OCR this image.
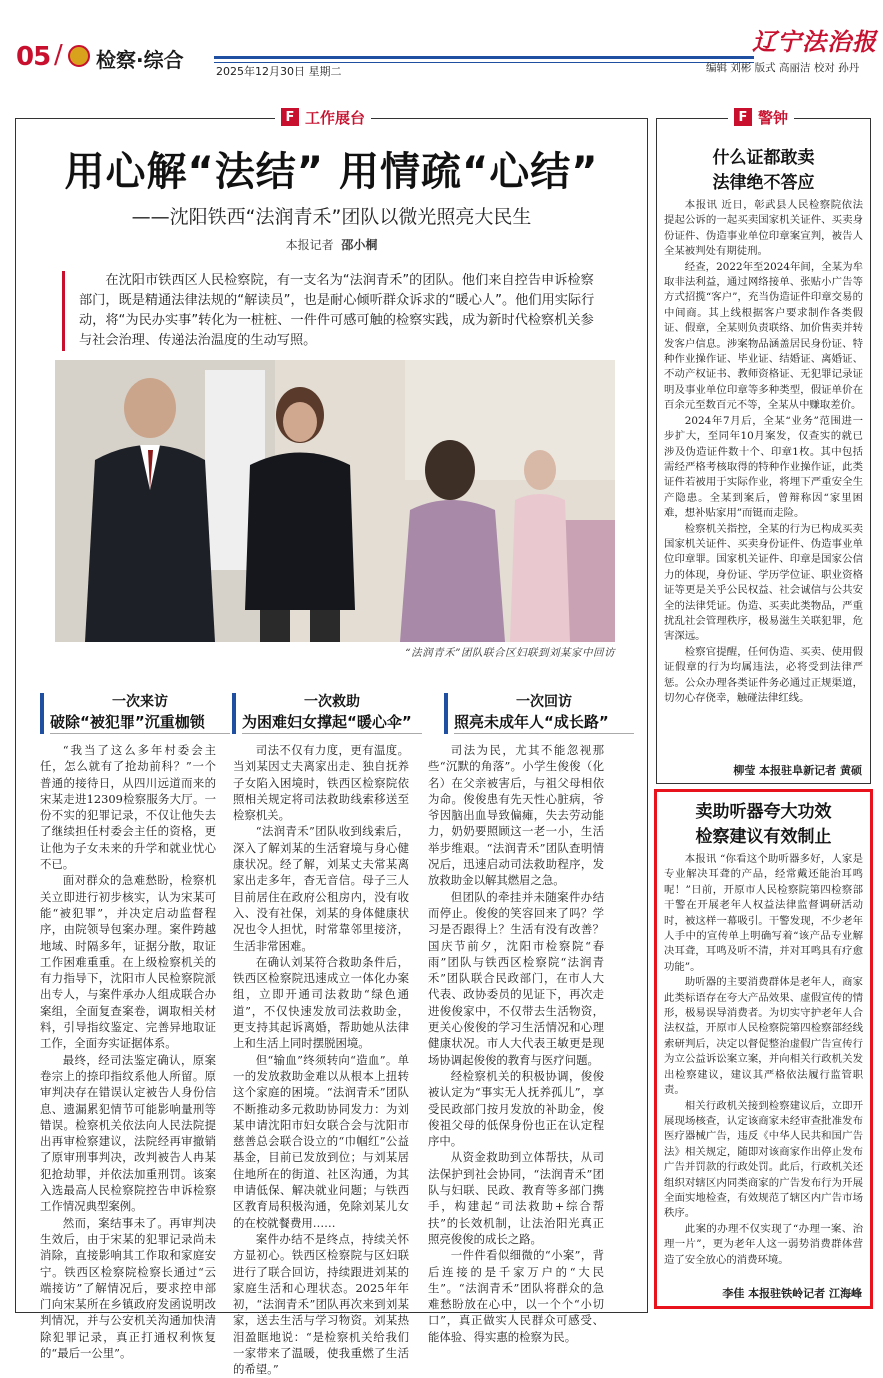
05 / 检察·综合	2025年12月30日 星期二
辽宁法治报
编辑 刘彬 版式 高丽洁 校对 孙丹
F 工作展台
用心解“法结” 用情疏“心结”
——沈阳铁西“法润青禾”团队以微光照亮大民生
本报记者 邵小桐
在沈阳市铁西区人民检察院，有一支名为“法润青禾”的团队。他们来自控告申诉检察部门，既是精通法律法规的“解读员”，也是耐心倾听群众诉求的“暖心人”。他们用实际行动，将“为民办实事”转化为一桩桩、一件件可感可触的检察实践，成为新时代检察机关参与社会治理、传递法治温度的生动写照。
“法润青禾”团队联合区妇联到刘某家中回访
一次来访
破除“被犯罪”沉重枷锁
一次救助
为困难妇女撑起“暖心伞”
一次回访
照亮未成年人“成长路”

“我当了这么多年村委会主任，怎么就有了抢劫前科？”一个普通的接待日，从四川远道而来的宋某走进12309检察服务大厅。一份不实的犯罪记录，不仅让他失去了继续担任村委会主任的资格，更让他为子女未来的升学和就业忧心不已。

面对群众的急难愁盼，检察机关立即进行初步核实，认为宋某可能“被犯罪”，并决定启动监督程序，由院领导包案办理。案件跨越地域、时隔多年，证据分散，取证工作困难重重。在上级检察机关的有力指导下，沈阳市人民检察院派出专人，与案件承办人组成联合办案组，全面复查案卷，调取相关材料，引导指纹鉴定、完善异地取证工作，全面夯实证据体系。

最终，经司法鉴定确认，原案卷宗上的捺印指纹系他人所留。原审判决存在错误认定被告人身份信息、遗漏累犯情节可能影响量刑等错误。检察机关依法向人民法院提出再审检察建议，法院经再审撤销了原审刑事判决，改判被告人冉某犯抢劫罪，并依法加重刑罚。该案入选最高人民检察院控告申诉检察工作情况典型案例。

然而，案结事未了。再审判决生效后，由于宋某的犯罪记录尚未消除，直接影响其工作取和家庭安宁。铁西区检察院检察长通过“云端接访”了解情况后，要求控申部门向宋某所在乡镇政府发函说明改判情况，并与公安机关沟通加快清除犯罪记录，真正打通权利恢复的“最后一公里”。

司法不仅有力度，更有温度。当刘某因丈夫离家出走、独自抚养子女陷入困境时，铁西区检察院依照相关规定将司法救助线索移送至检察机关。

“法润青禾”团队收到线索后，深入了解刘某的生活窘境与身心健康状况。经了解，刘某丈夫常某离家出走多年，杳无音信。母子三人目前居住在政府公租房内，没有收入、没有社保，刘某的身体健康状况也令人担忧，时常靠邻里接济，生活非常困难。

在确认刘某符合救助条件后，铁西区检察院迅速成立一体化办案组，立即开通司法救助“绿色通道”，不仅快速发放司法救助金，更支持其起诉离婚，帮助她从法律上和生活上同时摆脱困境。

但“输血”终须转向“造血”。单一的发放救助金难以从根本上扭转这个家庭的困境。“法润青禾”团队不断推动多元救助协同发力：为刘某申请沈阳市妇女联合会与沈阳市慈善总会联合设立的“巾帼红”公益基金，目前已发放到位；与刘某居住地所在的街道、社区沟通，为其申请低保、解决就业问题；与铁西区教育局积极沟通，免除刘某儿女的在校就餐费用……

案件办结不是终点，持续关怀方显初心。铁西区检察院与区妇联进行了联合回访，持续跟进刘某的家庭生活和心理状态。2025年年初，“法润青禾”团队再次来到刘某家，送去生活与学习物资。刘某热泪盈眶地说：“是检察机关给我们一家带来了温暖，使我重燃了生活的希望。”

司法为民，尤其不能忽视那些“沉默的角落”。小学生俊俊（化名）在父亲被害后，与祖父母相依为命。俊俊患有先天性心脏病，爷爷因脑出血导致偏瘫，失去劳动能力，奶奶要照顾这一老一小，生活举步维艰。“法润青禾”团队查明情况后，迅速启动司法救助程序，发放救助金以解其燃眉之急。

但团队的牵挂并未随案件办结而停止。俊俊的笑容回来了吗？学习是否跟得上？生活有没有改善？国庆节前夕，沈阳市检察院“春雨”团队与铁西区检察院“法润青禾”团队联合民政部门，在市人大代表、政协委员的见证下，再次走进俊俊家中，不仅带去生活物资，更关心俊俊的学习生活情况和心理健康状况。市人大代表王敏更是现场协调起俊俊的教育与医疗问题。

经检察机关的积极协调，俊俊被认定为“事实无人抚养孤儿”，享受民政部门按月发放的补助金，俊俊祖父母的低保身份也正在认定程序中。

从资金救助到立体帮扶，从司法保护到社会协同，“法润青禾”团队与妇联、民政、教育等多部门携手，构建起“司法救助+综合帮扶”的长效机制，让法治阳光真正照亮俊俊的成长之路。

一件件看似细微的“小案”，背后连接的是千家万户的“大民生”。“法润青禾”团队将群众的急难愁盼放在心中，以一个个“小切口”，真正做实人民群众可感受、能体验、得实惠的检察为民。

F 警钟
什么证都敢卖
法律绝不答应

本报讯 近日，彰武县人民检察院依法提起公诉的一起买卖国家机关证件、买卖身份证件、伪造事业单位印章案宣判，被告人全某被判处有期徒刑。

经查，2022年至2024年间，全某为牟取非法利益，通过网络接单、张贴小广告等方式招揽“客户”，充当伪造证件印章交易的中间商。其上线根据客户要求制作各类假证、假章，全某则负责联络、加价售卖并转发客户信息。涉案物品涵盖居民身份证、特种作业操作证、毕业证、结婚证、离婚证、不动产权证书、教师资格证、无犯罪记录证明及事业单位印章等多种类型，假证单价在百余元至数百元不等，全某从中赚取差价。

2024年7月后，全某“业务”范围进一步扩大，至同年10月案发，仅查实的就已涉及伪造证件数十个、印章1枚。其中包括需经严格考核取得的特种作业操作证，此类证件若被用于实际作业，将埋下严重安全生产隐患。全某到案后，曾辩称因“家里困难，想补贴家用”而铤而走险。

检察机关指控，全某的行为已构成买卖国家机关证件、买卖身份证件、伪造事业单位印章罪。国家机关证件、印章是国家公信力的体现，身份证、学历学位证、职业资格证等更是关乎公民权益、社会诚信与公共安全的法律凭证。伪造、买卖此类物品，严重扰乱社会管理秩序，极易滋生关联犯罪，危害深远。

检察官提醒，任何伪造、买卖、使用假证假章的行为均属违法，必将受到法律严惩。公众办理各类证件务必通过正规渠道，切勿心存侥幸，触碰法律红线。

柳莹 本报驻阜新记者 黄硕
卖助听器夸大功效
检察建议有效制止

本报讯 “你看这个助听器多好，人家是专业解决耳聋的产品，经常戴还能治耳鸣呢！”日前，开原市人民检察院第四检察部干警在开展老年人权益法律监督调研活动时，被这样一幕吸引。干警发现，不少老年人手中的宣传单上明确写着“该产品专业解决耳聋，耳鸣及听不清，并对耳鸣具有疗愈功能”。

助听器的主要消费群体是老年人，商家此类标语存在夸大产品效果、虚假宣传的情形，极易误导消费者。为切实守护老年人合法权益，开原市人民检察院第四检察部经线索研判后，决定以督促整治虚假广告宣传行为立公益诉讼案立案，并向相关行政机关发出检察建议，建议其严格依法履行监管职责。

相关行政机关接到检察建议后，立即开展现场核查，认定该商家未经审查批准发布医疗器械广告，违反《中华人民共和国广告法》相关规定，随即对该商家作出停止发布广告并罚款的行政处罚。此后，行政机关还组织对辖区内同类商家的广告发布行为开展全面实地检查，有效规范了辖区内广告市场秩序。

此案的办理不仅实现了“办理一案、治理一片”，更为老年人这一弱势消费群体营造了安全放心的消费环境。

李佳 本报驻铁岭记者 江海峰
